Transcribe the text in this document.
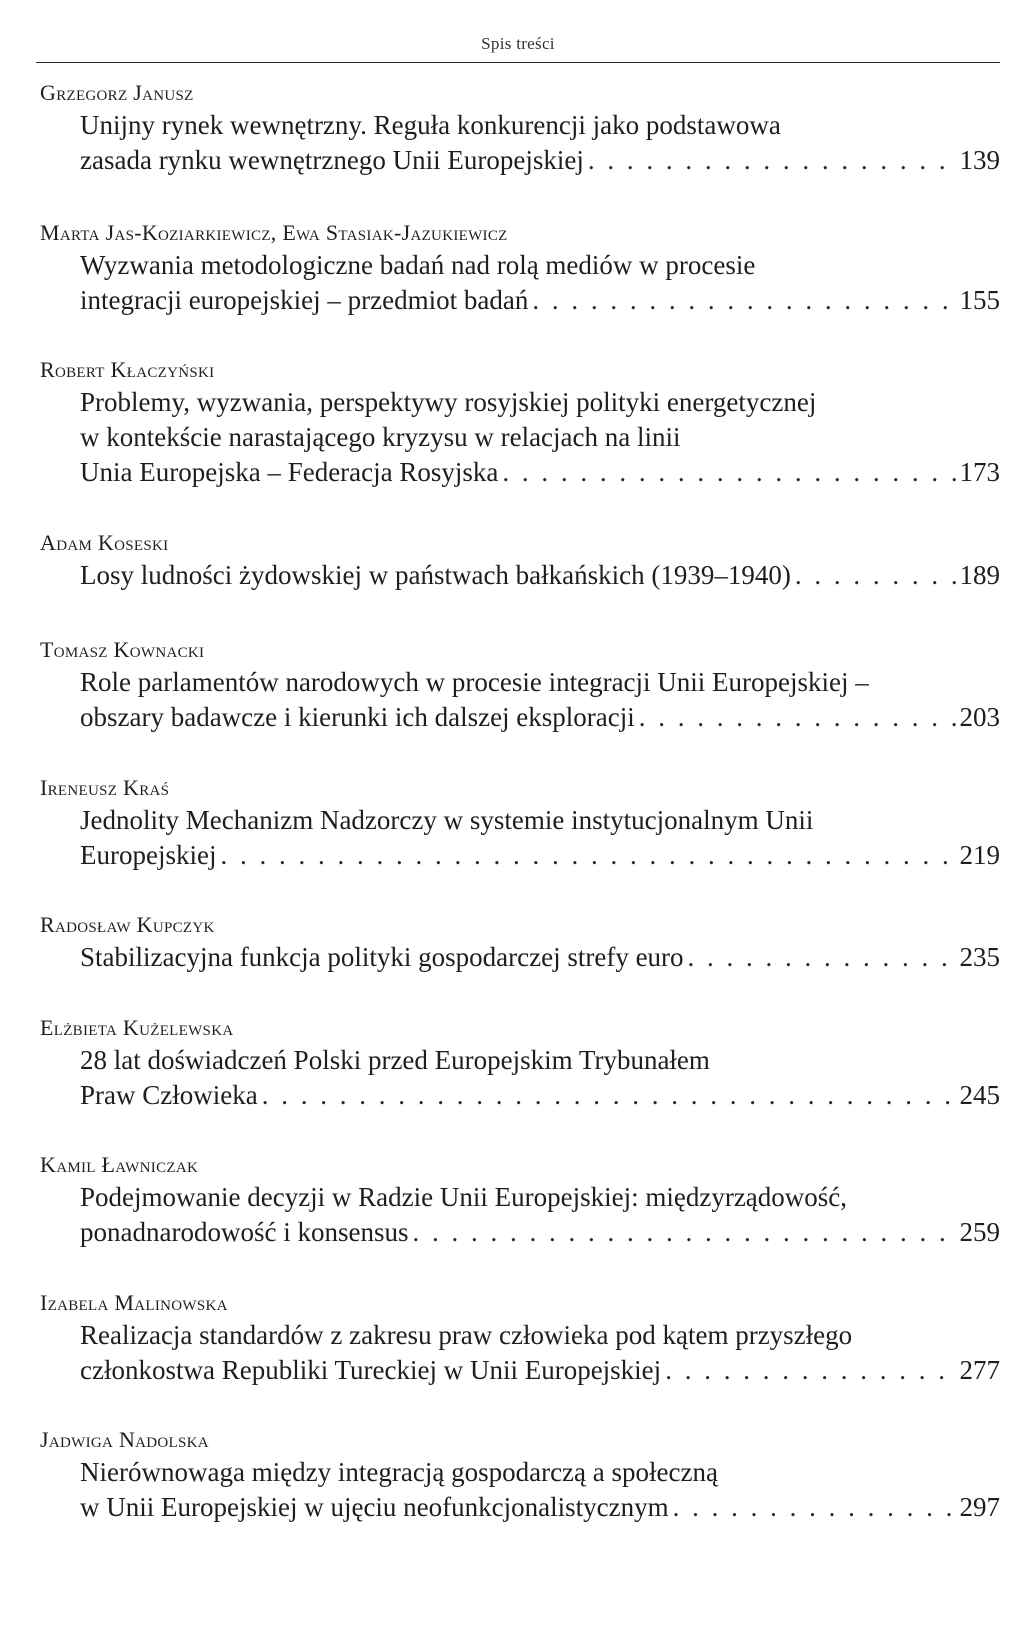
Spis treści
Grzegorz Janusz
Unijny rynek wewnętrzny. Reguła konkurencji jako podstawowa
zasada rynku wewnętrznego Unii Europejskiej . . .	139
Marta Jas-Koziarkiewicz, Ewa Stasiak-Jazukiewicz
Wyzwania metodologiczne badań nad rolą mediów w procesie
integracji europejskiej – przedmiot badań . . .	155
Robert Kłaczyński
Problemy, wyzwania, perspektywy rosyjskiej polityki energetycznej
w kontekście narastającego kryzysu w relacjach na linii
Unia Europejska – Federacja Rosyjska . . .	173
Adam Koseski
Losy ludności żydowskiej w państwach bałkańskich (1939–1940) . . .	189
Tomasz Kownacki
Role parlamentów narodowych w procesie integracji Unii Europejskiej –
obszary badawcze i kierunki ich dalszej eksploracji . . .	203
Ireneusz Kraś
Jednolity Mechanizm Nadzorczy w systemie instytucjonalnym Unii
Europejskiej . . .	219
Radosław Kupczyk
Stabilizacyjna funkcja polityki gospodarczej strefy euro . . .	235
Elżbieta Kużelewska
28 lat doświadczeń Polski przed Europejskim Trybunałem
Praw Człowieka . . .	245
Kamil Ławniczak
Podejmowanie decyzji w Radzie Unii Europejskiej: międzyrządowość,
ponadnarodowość i konsensus . . .	259
Izabela Malinowska
Realizacja standardów z zakresu praw człowieka pod kątem przyszłego
członkostwa Republiki Tureckiej w Unii Europejskiej . . .	277
Jadwiga Nadolska
Nierównowaga między integracją gospodarczą a społeczną
w Unii Europejskiej w ujęciu neofunkcjonalistycznym . . .	297
